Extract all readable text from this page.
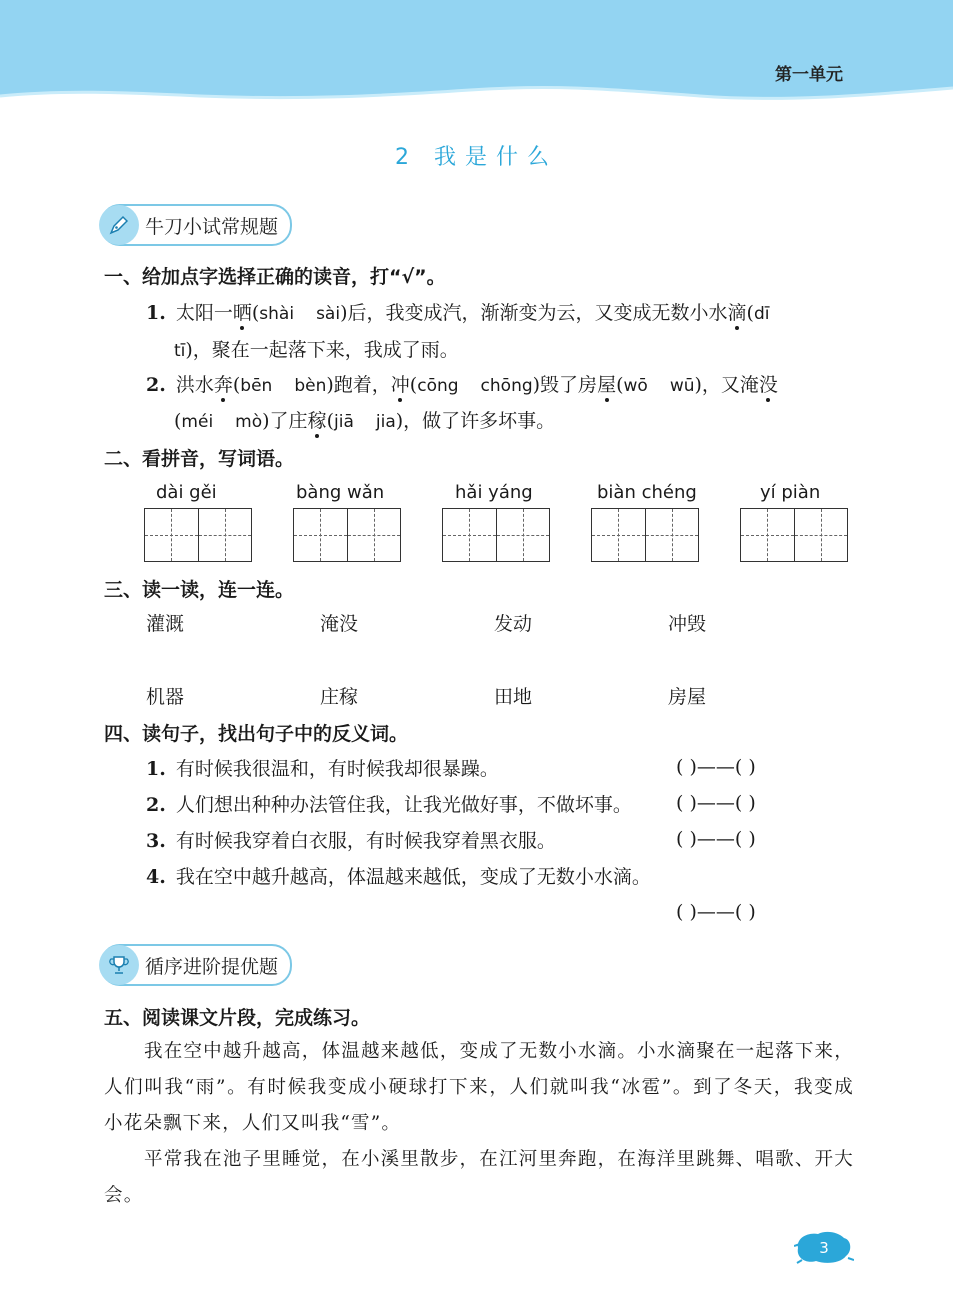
第一单元
2 我是什么
牛刀小试常规题
一、给加点字选择正确的读音，打“√”。
1. 太阳一晒(shài sài)后，我变成汽，渐渐变为云，又变成无数小水滴(dī
tī)，聚在一起落下来，我成了雨。
2. 洪水奔(bēn bèn)跑着，冲(cōng chōng)毁了房屋(wō wū)，又淹没
(méi mò)了庄稼(jiā jia)，做了许多坏事。
二、看拼音，写词语。
dài gěi	bàng wǎn	hǎi yáng	biàn chéng	yí piàn
三、读一读，连一连。
灌溉	淹没	发动	冲毁
机器	庄稼	田地	房屋
四、读句子，找出句子中的反义词。
1. 有时候我很温和，有时候我却很暴躁。	( )——( )
2. 人们想出种种办法管住我，让我光做好事，不做坏事。 ( )——( )
3. 有时候我穿着白衣服，有时候我穿着黑衣服。	( )——( )
4. 我在空中越升越高，体温越来越低，变成了无数小水滴。
( )——( )
循序进阶提优题
五、阅读课文片段，完成练习。
我在空中越升越高，体温越来越低，变成了无数小水滴。小水滴聚在一起落下来，人们叫我“雨”。有时候我变成小硬球打下来，人们就叫我“冰雹”。到了冬天，我变成小花朵飘下来，人们又叫我“雪”。
平常我在池子里睡觉，在小溪里散步，在江河里奔跑，在海洋里跳舞、唱歌、开大会。
3
